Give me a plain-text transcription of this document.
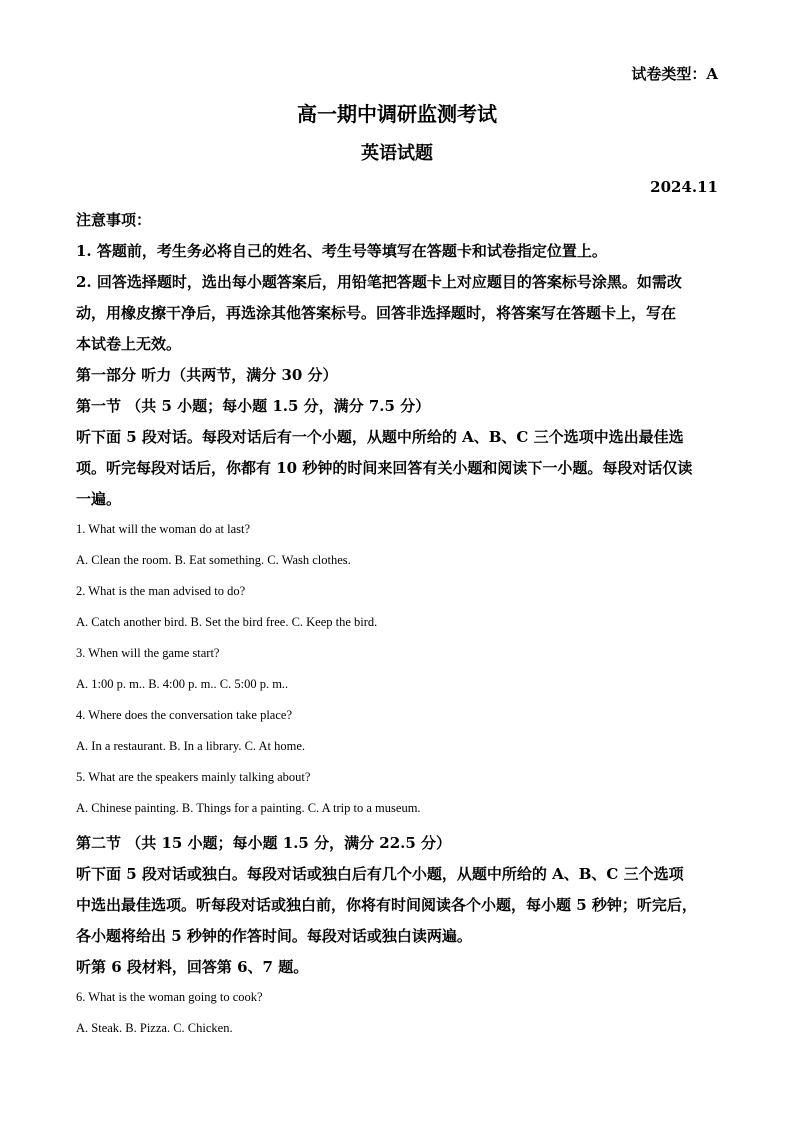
试卷类型：A
高一期中调研监测考试
英语试题
2024.11
注意事项：
1. 答题前，考生务必将自己的姓名、考生号等填写在答题卡和试卷指定位置上。
2. 回答选择题时，选出每小题答案后，用铅笔把答题卡上对应题目的答案标号涂黑。如需改
动，用橡皮擦干净后，再选涂其他答案标号。回答非选择题时，将答案写在答题卡上，写在
本试卷上无效。
第一部分 听力（共两节，满分 30 分）
第一节 （共 5 小题；每小题 1.5 分，满分 7.5 分）
听下面 5 段对话。每段对话后有一个小题，从题中所给的 A、B、C 三个选项中选出最佳选
项。听完每段对话后，你都有 10 秒钟的时间来回答有关小题和阅读下一小题。每段对话仅读
一遍。
1. What will the woman do at last?
A. Clean the room. B. Eat something. C. Wash clothes.
2. What is the man advised to do?
A. Catch another bird. B. Set the bird free. C. Keep the bird.
3. When will the game start?
A. 1:00 p. m.. B. 4:00 p. m.. C. 5:00 p. m..
4. Where does the conversation take place?
A. In a restaurant. B. In a library. C. At home.
5. What are the speakers mainly talking about?
A. Chinese painting. B. Things for a painting. C. A trip to a museum.
第二节 （共 15 小题；每小题 1.5 分，满分 22.5 分）
听下面 5 段对话或独白。每段对话或独白后有几个小题，从题中所给的 A、B、C 三个选项
中选出最佳选项。听每段对话或独白前，你将有时间阅读各个小题，每小题 5 秒钟；听完后，
各小题将给出 5 秒钟的作答时间。每段对话或独白读两遍。
听第 6 段材料，回答第 6、7 题。
6. What is the woman going to cook?
A. Steak. B. Pizza. C. Chicken.
